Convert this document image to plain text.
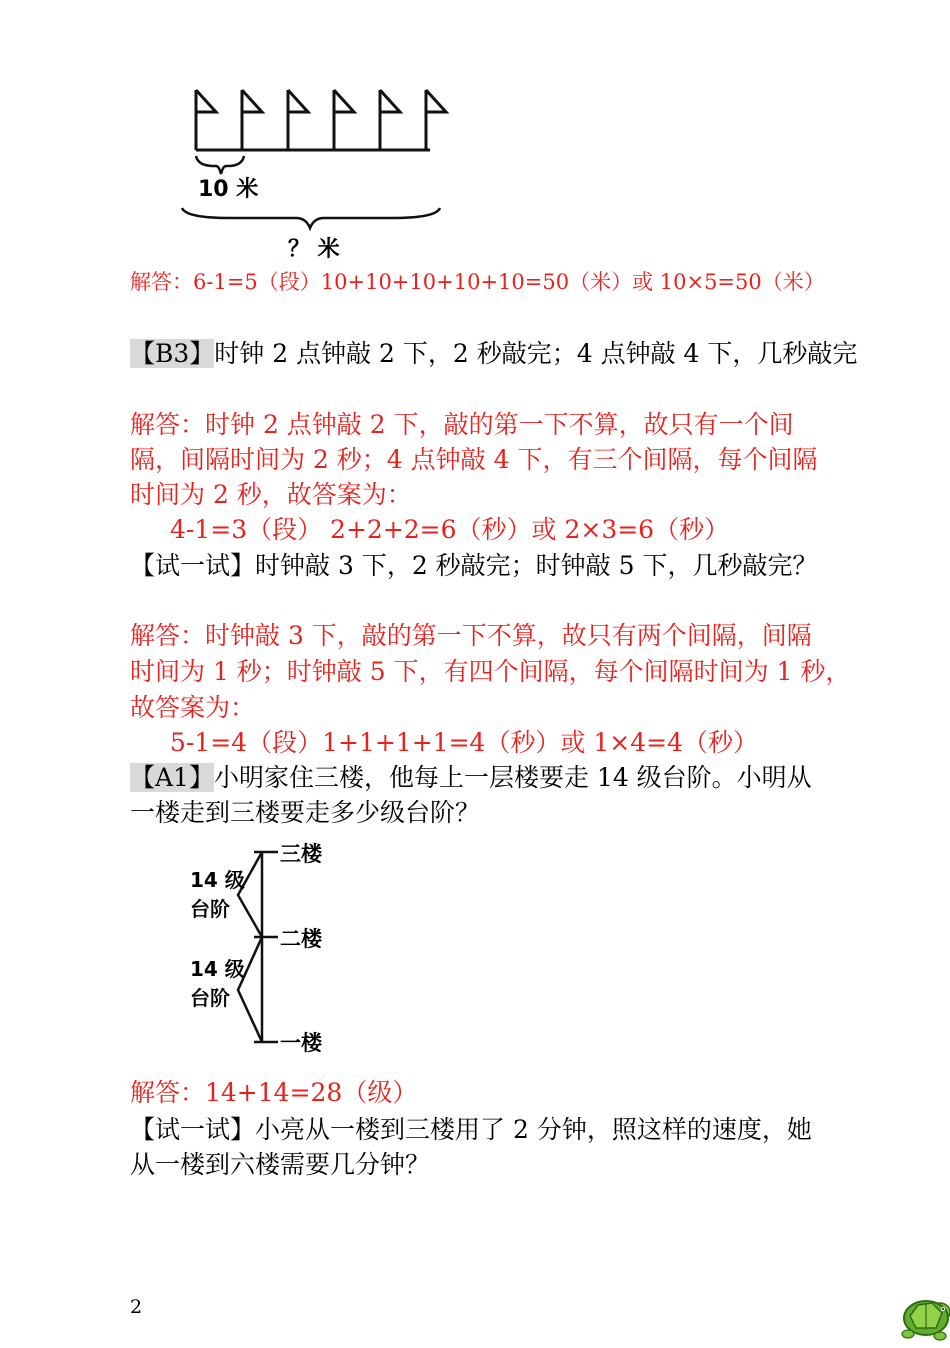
10 米
？ 米
解答：6-1=5（段）10+10+10+10+10=50（米）或 10×5=50（米）
【B3】时钟 2 点钟敲 2 下，2 秒敲完；4 点钟敲 4 下，几秒敲完
解答：时钟 2 点钟敲 2 下，敲的第一下不算，故只有一个间
隔，间隔时间为 2 秒；4 点钟敲 4 下，有三个间隔，每个间隔
时间为 2 秒，故答案为：
4-1=3（段） 2+2+2=6（秒）或 2×3=6（秒）
【试一试】时钟敲 3 下，2 秒敲完；时钟敲 5 下，几秒敲完？
解答：时钟敲 3 下，敲的第一下不算，故只有两个间隔，间隔
时间为 1 秒；时钟敲 5 下，有四个间隔，每个间隔时间为 1 秒，
故答案为：
5-1=4（段）1+1+1+1=4（秒）或 1×4=4（秒）
【A1】小明家住三楼，他每上一层楼要走 14 级台阶。小明从
一楼走到三楼要走多少级台阶？
三楼
二楼
一楼
14 级
台阶
14 级
台阶
解答：14+14=28（级）
【试一试】小亮从一楼到三楼用了 2 分钟，照这样的速度，她
从一楼到六楼需要几分钟？
2
